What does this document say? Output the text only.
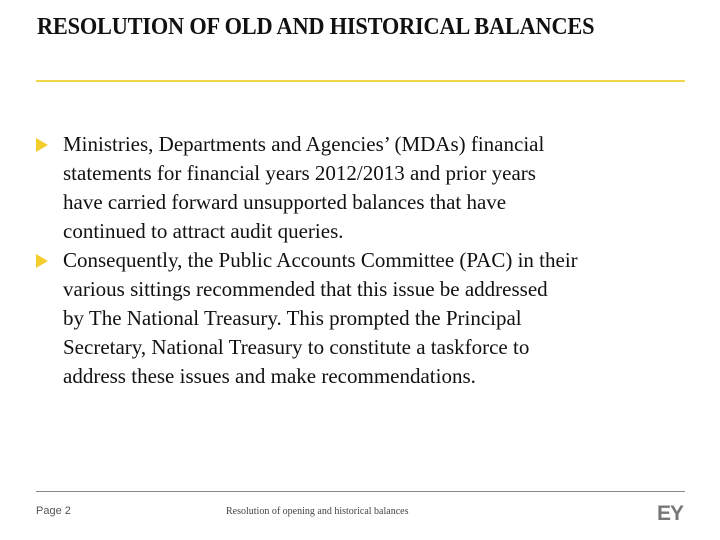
RESOLUTION OF OLD AND HISTORICAL BALANCES
Ministries, Departments and Agencies’ (MDAs) financial
statements for financial years 2012/2013 and prior years
have carried forward unsupported balances that have
continued to attract audit queries.
Consequently, the Public Accounts Committee (PAC) in their
various sittings recommended that this issue be addressed
by The National Treasury. This prompted the Principal
Secretary, National Treasury to constitute a taskforce to
address these issues and make recommendations.
Page 2	Resolution of opening and historical balances	EY
